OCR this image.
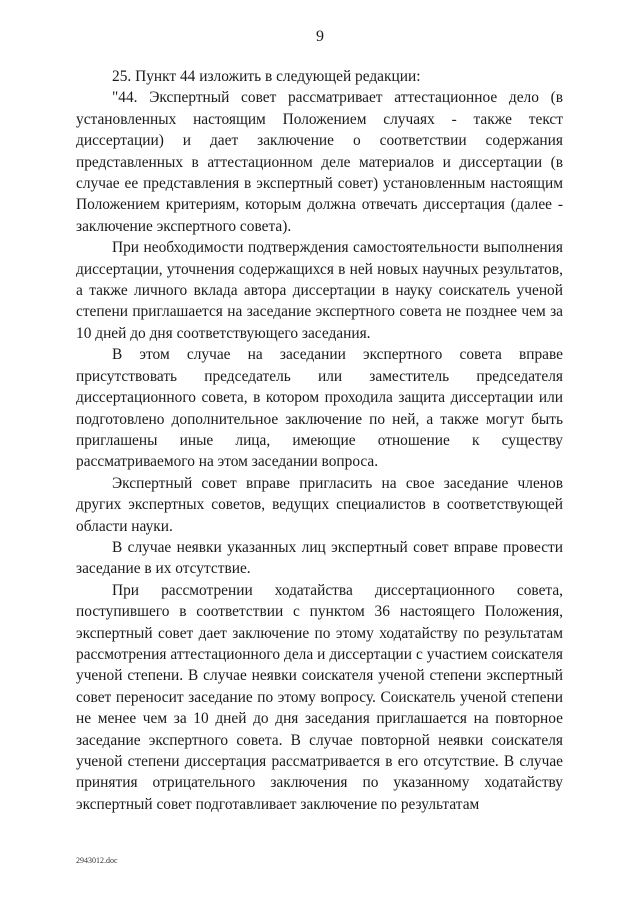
9

25. Пункт 44 изложить в следующей редакции:

"44. Экспертный совет рассматривает аттестационное дело (в установленных настоящим Положением случаях - также текст диссертации) и дает заключение о соответствии содержания представленных в аттестационном деле материалов и диссертации (в случае ее представления в экспертный совет) установленным настоящим Положением критериям, которым должна отвечать диссертация (далее - заключение экспертного совета).

При необходимости подтверждения самостоятельности выполнения диссертации, уточнения содержащихся в ней новых научных результатов, а также личного вклада автора диссертации в науку соискатель ученой степени приглашается на заседание экспертного совета не позднее чем за 10 дней до дня соответствующего заседания.

В этом случае на заседании экспертного совета вправе присутствовать председатель или заместитель председателя диссертационного совета, в котором проходила защита диссертации или подготовлено дополнительное заключение по ней, а также могут быть приглашены иные лица, имеющие отношение к существу рассматриваемого на этом заседании вопроса.

Экспертный совет вправе пригласить на свое заседание членов других экспертных советов, ведущих специалистов в соответствующей области науки.

В случае неявки указанных лиц экспертный совет вправе провести заседание в их отсутствие.

При рассмотрении ходатайства диссертационного совета, поступившего в соответствии с пунктом 36 настоящего Положения, экспертный совет дает заключение по этому ходатайству по результатам рассмотрения аттестационного дела и диссертации с участием соискателя ученой степени. В случае неявки соискателя ученой степени экспертный совет переносит заседание по этому вопросу. Соискатель ученой степени не менее чем за 10 дней до дня заседания приглашается на повторное заседание экспертного совета. В случае повторной неявки соискателя ученой степени диссертация рассматривается в его отсутствие. В случае принятия отрицательного заключения по указанному ходатайству экспертный совет подготавливает заключение по результатам

2943012.doc
